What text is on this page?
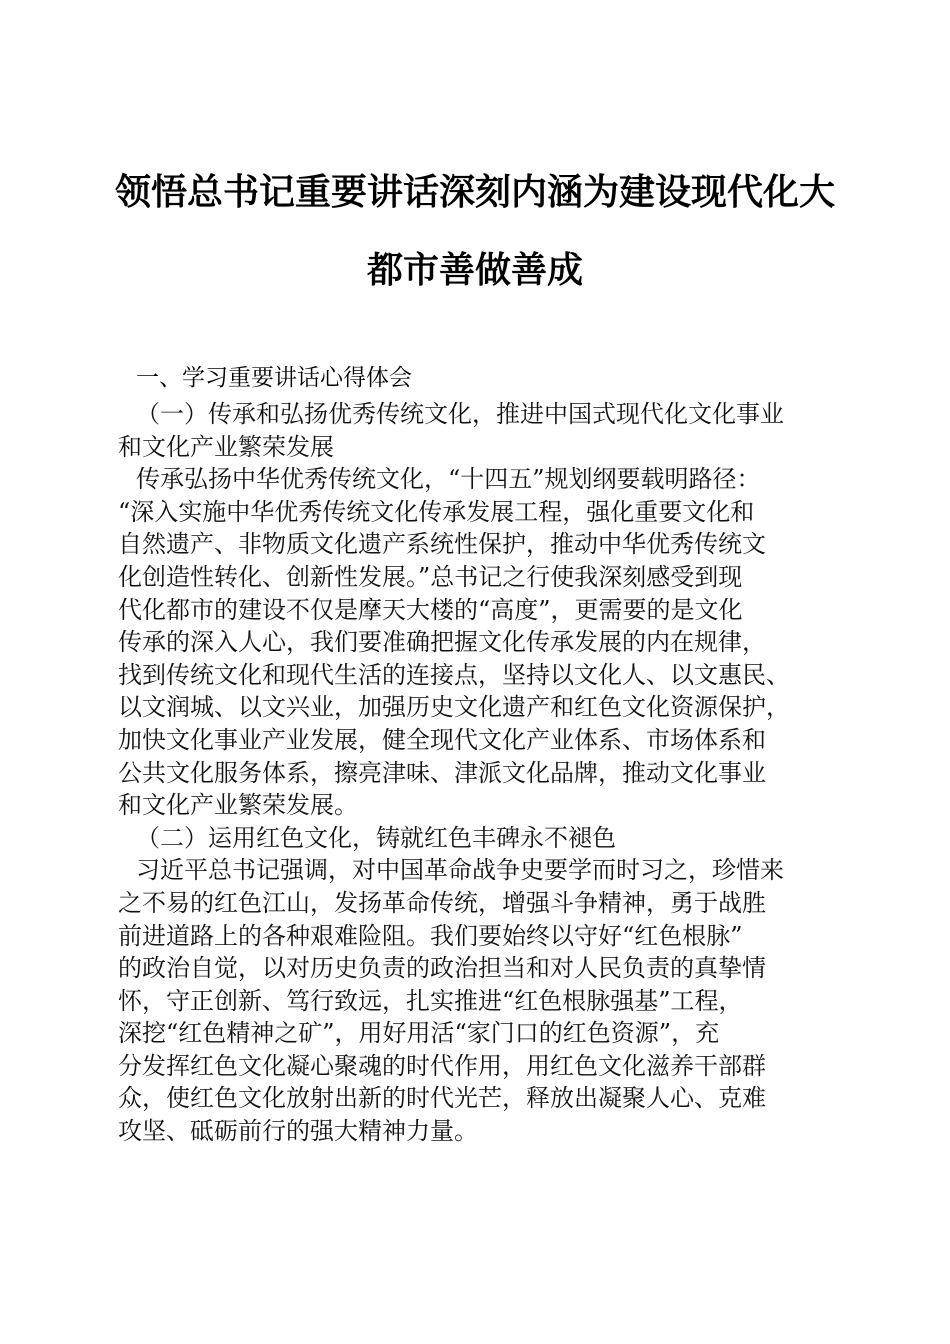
领悟总书记重要讲话深刻内涵为建设现代化大
都市善做善成
一、学习重要讲话心得体会
（一）传承和弘扬优秀传统文化，推进中国式现代化文化事业
和文化产业繁荣发展
传承弘扬中华优秀传统文化，“十四五”规划纲要载明路径：
“深入实施中华优秀传统文化传承发展工程，强化重要文化和
自然遗产、非物质文化遗产系统性保护，推动中华优秀传统文
化创造性转化、创新性发展。”总书记之行使我深刻感受到现
代化都市的建设不仅是摩天大楼的“高度”，更需要的是文化
传承的深入人心，我们要准确把握文化传承发展的内在规律，
找到传统文化和现代生活的连接点，坚持以文化人、以文惠民、
以文润城、以文兴业，加强历史文化遗产和红色文化资源保护，
加快文化事业产业发展，健全现代文化产业体系、市场体系和
公共文化服务体系，擦亮津味、津派文化品牌，推动文化事业
和文化产业繁荣发展。
（二）运用红色文化，铸就红色丰碑永不褪色
习近平总书记强调，对中国革命战争史要学而时习之，珍惜来
之不易的红色江山，发扬革命传统，增强斗争精神，勇于战胜
前进道路上的各种艰难险阻。我们要始终以守好“红色根脉”
的政治自觉，以对历史负责的政治担当和对人民负责的真挚情
怀，守正创新、笃行致远，扎实推进“红色根脉强基”工程，
深挖“红色精神之矿”，用好用活“家门口的红色资源”，充
分发挥红色文化凝心聚魂的时代作用，用红色文化滋养干部群
众，使红色文化放射出新的时代光芒，释放出凝聚人心、克难
攻坚、砥砺前行的强大精神力量。
